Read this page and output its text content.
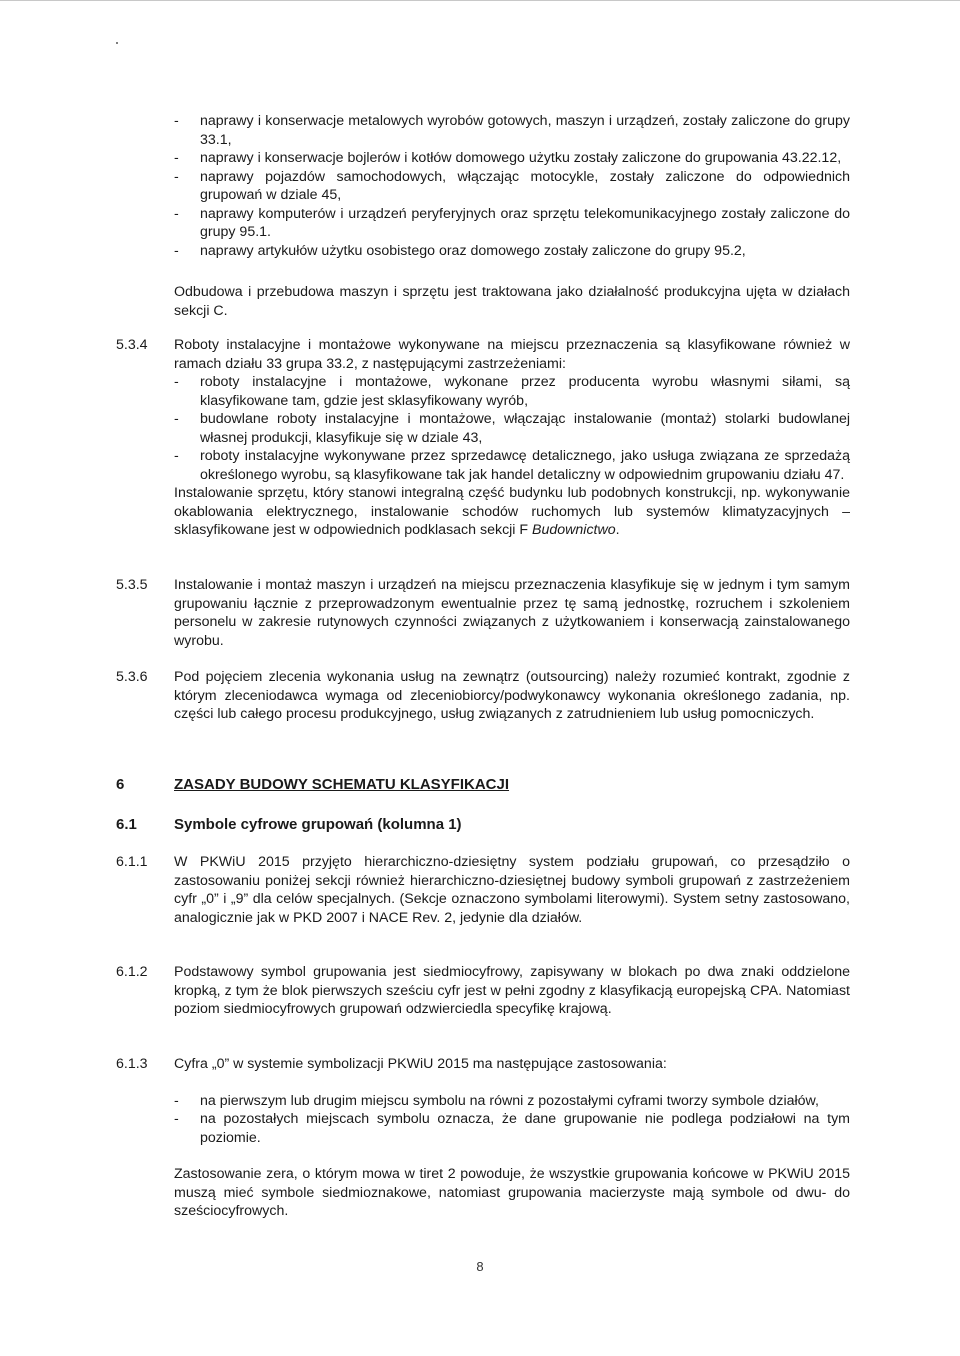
- naprawy i konserwacje metalowych wyrobów gotowych, maszyn i urządzeń, zostały zaliczone do grupy 33.1,
- naprawy i konserwacje bojlerów i kotłów domowego użytku zostały zaliczone do grupowania 43.22.12,
- naprawy pojazdów samochodowych, włączając motocykle, zostały zaliczone do odpowiednich grupowań w dziale 45,
- naprawy komputerów i urządzeń peryferyjnych oraz sprzętu telekomunikacyjnego zostały zaliczone do grupy 95.1.
- naprawy artykułów użytku osobistego oraz domowego zostały zaliczone do grupy 95.2,

Odbudowa i przebudowa maszyn i sprzętu jest traktowana jako działalność produkcyjna ujęta w działach sekcji C.

5.3.4 Roboty instalacyjne i montażowe wykonywane na miejscu przeznaczenia są klasyfikowane również w ramach działu 33 grupa 33.2, z następującymi zastrzeżeniami:
- roboty instalacyjne i montażowe, wykonane przez producenta wyrobu własnymi siłami, są klasyfikowane tam, gdzie jest sklasyfikowany wyrób,
- budowlane roboty instalacyjne i montażowe, włączając instalowanie (montaż) stolarki budowlanej własnej produkcji, klasyfikuje się w dziale 43,
- roboty instalacyjne wykonywane przez sprzedawcę detalicznego, jako usługa związana ze sprzedażą określonego wyrobu, są klasyfikowane tak jak handel detaliczny w odpowiednim grupowaniu działu 47.
Instalowanie sprzętu, który stanowi integralną część budynku lub podobnych konstrukcji, np. wykonywanie okablowania elektrycznego, instalowanie schodów ruchomych lub systemów klimatyzacyjnych – sklasyfikowane jest w odpowiednich podklasach sekcji F Budownictwo.
5.3.5 Instalowanie i montaż maszyn i urządzeń na miejscu przeznaczenia klasyfikuje się w jednym i tym samym grupowaniu łącznie z przeprowadzonym ewentualnie przez tę samą jednostkę, rozruchem i szkoleniem personelu w zakresie rutynowych czynności związanych z użytkowaniem i konserwacją zainstalowanego wyrobu.

5.3.6 Pod pojęciem zlecenia wykonania usług na zewnątrz (outsourcing) należy rozumieć kontrakt, zgodnie z którym zleceniodawca wymaga od zleceniobiorcy/podwykonawcy wykonania określonego zadania, np. części lub całego procesu produkcyjnego, usług związanych z zatrudnieniem lub usług pomocniczych.

6	ZASADY BUDOWY SCHEMATU KLASYFIKACJI
6.1 Symbole cyfrowe grupowań (kolumna 1)
6.1.1 W PKWiU 2015 przyjęto hierarchiczno-dziesiętny system podziału grupowań, co przesądziło o zastosowaniu poniżej sekcji również hierarchiczno-dziesiętnej budowy symboli grupowań z zastrzeżeniem cyfr „0” i „9” dla celów specjalnych. (Sekcje oznaczono symbolami literowymi). System setny zastosowano, analogicznie jak w PKD 2007 i NACE Rev. 2, jedynie dla działów.

6.1.2 Podstawowy symbol grupowania jest siedmiocyfrowy, zapisywany w blokach po dwa znaki oddzielone kropką, z tym że blok pierwszych sześciu cyfr jest w pełni zgodny z klasyfikacją europejską CPA. Natomiast poziom siedmiocyfrowych grupowań odzwierciedla specyfikę krajową.

6.1.3 Cyfra „0” w systemie symbolizacji PKWiU 2015 ma następujące zastosowania:
- na pierwszym lub drugim miejscu symbolu na równi z pozostałymi cyframi tworzy symbole działów,
- na pozostałych miejscach symbolu oznacza, że dane grupowanie nie podlega podziałowi na tym poziomie.
Zastosowanie zera, o którym mowa w tiret 2 powoduje, że wszystkie grupowania końcowe w PKWiU 2015 muszą mieć symbole siedmioznakowe, natomiast grupowania macierzyste mają symbole od dwu- do sześciocyfrowych.
8
